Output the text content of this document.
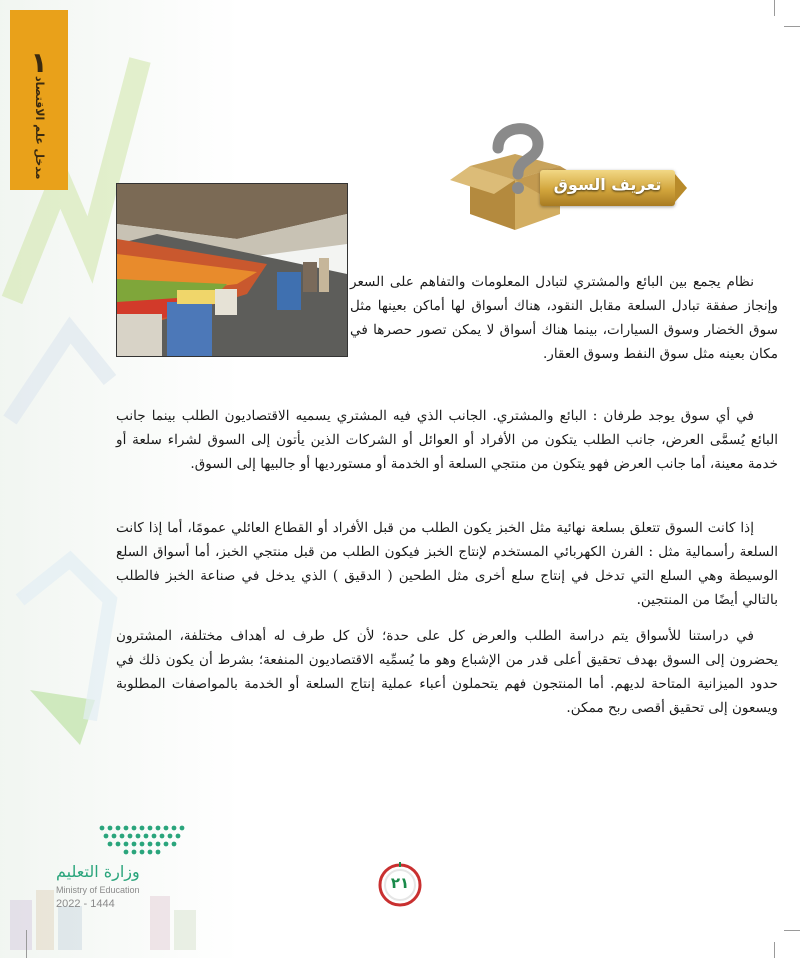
١
مدخل علم الاقتصاد
تعريف السوق

نظام يجمع بين البائع والمشتري لتبادل المعلومات والتفاهم على السعر وإنجاز صفقة تبادل السلعة مقابل النقود، هناك أسواق لها أماكن بعينها مثل سوق الخضار وسوق السيارات، بينما هناك أسواق لا يمكن تصور حصرها في مكان بعينه مثل سوق النفط وسوق العقار.

في أي سوق يوجد طرفان : البائع والمشتري. الجانب الذي فيه المشتري يسميه الاقتصاديون الطلب بينما جانب البائع يُسمَّى العرض، جانب الطلب يتكون من الأفراد أو العوائل أو الشركات الذين يأتون إلى السوق لشراء سلعة أو خدمة معينة، أما جانب العرض فهو يتكون من منتجي السلعة أو الخدمة أو مستورديها أو جالبيها إلى السوق.

إذا كانت السوق تتعلق بسلعة نهائية مثل الخبز يكون الطلب من قبل الأفراد أو القطاع العائلي عمومًا، أما إذا كانت السلعة رأسمالية مثل : الفرن الكهربائي المستخدم لإنتاج الخبز فيكون الطلب من قبل منتجي الخبز، أما أسواق السلع الوسيطة وهي السلع التي تدخل في إنتاج سلع أخرى مثل الطحين ( الدقيق ) الذي يدخل في صناعة الخبز فالطلب بالتالي أيضًا من المنتجين.

في دراستنا للأسواق يتم دراسة الطلب والعرض كل على حدة؛ لأن كل طرف له أهداف مختلفة، المشترون يحضرون إلى السوق بهدف تحقيق أعلى قدر من الإشباع وهو ما يُسمِّيه الاقتصاديون المنفعة؛ بشرط أن يكون ذلك في حدود الميزانية المتاحة لديهم. أما المنتجون فهم يتحملون أعباء عملية إنتاج السلعة أو الخدمة بالمواصفات المطلوبة ويسعون إلى تحقيق أقصى ربح ممكن.

٢١
وزارة التعليم
Ministry of Education
2022 - 1444
